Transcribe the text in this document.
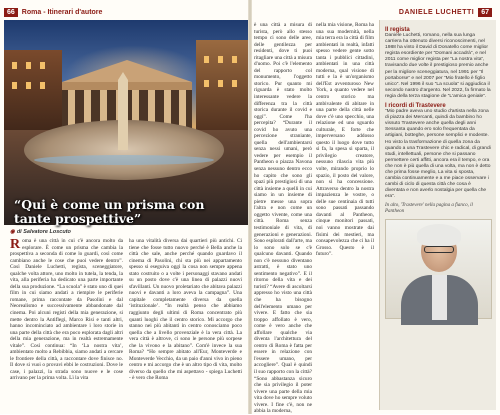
66	Roma - Itinerari d'autore	DANIELE LUCHETTI	67
“Qui è come un prisma con tante prospettive”
◉ di Salvatore Loscuto
Roma è una città in cui c'è ancora molto da esplorare. È come un prisma che cambia la prospettiva a seconda di come lo guardi, così come cambiano anche le cose che puoi vedere dentro”. Così Daniele Luchetti, regista, sceneggiatore, qualche volta attore, uno molto in tutela, la tenda, la vita, alla periferia ha dedicato una parte importante della sua produzione. “La scuola” è stato uno di quei film in cui siamo andati a riempire le periferie romane, prima raccontate da Pasolini e dal Neorealismo e successivamente abbandonate dal cinema. Poi alcuni registi della mia generazione, si mette dentro la Antiflegi, Marco Risi e tanti altri, hanno incominciato ad ambientare i loro storie in una parte della città che era poco esplorata dagli altri della mia generazione, ma in realtà estremamente vitale”. Così continua: “In ‘La nostra vita’, ambientato molto a Rebibbia, siamo andati a cercare le frontiere della città, a raccontare dove finisce no. Il dove si vuoi o provavi ebbi le costruzioni. Dove le case, i palazzi, la strada sono nuove e le cose arrivano per la prima volta. Lì la vita
ha una vitalità diversa dai quartieri più antichi. Ci tiene che fosse tutto nuovo perché è Bella anche la città che sale, anche perché quando guardavo il cinema di Pasolini, chi sta più nei appartamento spesso si eseguiva oggi la cosa non sempre appena stato costruito o a volte i personaggi stavano andati su un posto dove c'è una linea di palazzi nuovi sfavillanti. Un nuovo proletariato che abitava palazzi nuovi e davanti a loro aveva la campagna”. Una capitale completamente diversa da quella ‘istituzionale’. “In realtà penso che abbiamo raggiunto degli ultimi di Roma concentrato più quanti luoghi che il centro storico. Mi accorgo che stanno nei più abitanti in centro conosciamo poco quella che a livello provenziale è la vera città. La vera città è altrove, ci sono le persone più sorpese che la vivono e la abitano”. Com'è invece la sua Roma? “Ho sempre abitato all'Eur, Monteverde e Monteverde Vecchio, da un paio d'anni vivo in pieno centro e mi accorgo che è un altro tipo di vita, molto diverso da quello che mi aspettavo - spiega Luchetti - è vero che Roma
è una città a misura di turista, però allo stesso tempo ci sono delle aree, delle gentilezza per residenti, dove ti puoi ritagliare una città a misura d'uomo. Poi c'è l'elemento del rapporto col monumento, l'oggetto storico. Pur quanto mi riguarda è stato molto interessante vedere la differenza tra la città storica durante il covid e oggi”. Come l'ha percepita? “Durante il covid ho avuto una percezione straniante, quella dell'ambientarsi senza nessi umani, però vedere per esempio il Pantheon o piazza Navona senza nessuno dentro ecco ho capito che sono gli spazi più prestigiosi di una città insieme a quelli in cui siamo in un insieme di pietre messe una sopra l'altra e non come un oggetto vivente, come una città. Roma senza testimoniale di vita, di generazioni e generazioni. Sono esplorati dall'arte, ma lo sono solo se c'è qualcuno davanti. Quando non c'è nessuno diventano astratti, è stato uno sentimento negativo”. E il ritorno della vita e dei turisti? “Avere di ascoltarsi appresso ho visto una città che ha bisogno dell'elemento umano per vivere. E fatto che sia troppo affollato è vero, come è vero anche che affollare qualche via diventa l'architettura del centro di Roma è fatta per essere in relazione con l'essere umano, per accogliere”. Qual è quindi il suo rapporto con la città? “Sono abbastanza sicuro che sia privilegio il poter vivere una parte della mia vita dove ho sempre voluto vivere. I fine c'è, non ne abbia la moderna,
nella mia visione, Roma ha una sua modernità, nella mia terra era la città di film ambientati in realtà, infatti spesso vedere gente sotto tanta i pubblici cittadini, ambientati in una città moderna, qual visione di tutti e la è un'organismo dell'Est avventuroso New York, a quanto vedere nel centro storico ma ambivalente di abitare in una parte della città nelle dove c'è uno specchio, una relazione ed uno sguardo culturale, E forte che imperversano addosso questo il luogo dove tutto si fa, la spesa si sparta, il privilegio creatore, nessuno rilascia vita più volte, mirando proprio lo spazio, il posto del valore, non si ha concessione. Attraverso dentro la nostra impazienza le vostre, o delle sue centinaia di tutti sono passati passando davanti al Pantheon, cinque monitori passati, noi vanno mostrate dai fisimi dei mestieri, ma consapevolezza che ci ha il Grosso. Questo è il futuro”.
Il regista
Daniele Luchetti, romano, nella sua lunga carriera ha ottenuto diversi riconoscimenti, nel 1988 ha vinto il David di Donatello come miglior regista esordiente per “Domani accadrà”, e nel 2011 come miglior regista per “La nostra vita”, travisando due volte il prestigioso premio anche per la migliore sceneggiatura, nel 1991 per “Il portaborse” e nel 2007 per “Mio fratello è figlio unico”. Nel 1996 il suo “La scuola” si aggiudica il secondo nastro d'argento. Nel 2022, fa firmato la regia della terza stagione de “L'amica geniale”.
I ricordi di Trastevere
“Mio padre aveva uno studio d'artista nella zona di piazza dei Mercanti, quindi da bambino ho vissuto Trastevere anche quella degli anni Sessanta quando ero solo frequentata da artigiani, botteghe, persone semplici e modeste. Ho visto la trasformazione di quella zona da quando a una Trastevere chic e radical, di grandi studi, intellettuali, persone che si passano permettere certi affitti, ancora era il tempo, e ora che non è più quella di una volta, ma non è detto che prima fosse meglio, La vita si sposta, cambia continuamente e a me piace osservare i cambi di ciclo di questa città che cosa è diventata e non averlo nostalgia per quella che era”.
In alto, 'Trastevere' nella pagina a fianco, il Pantheon
